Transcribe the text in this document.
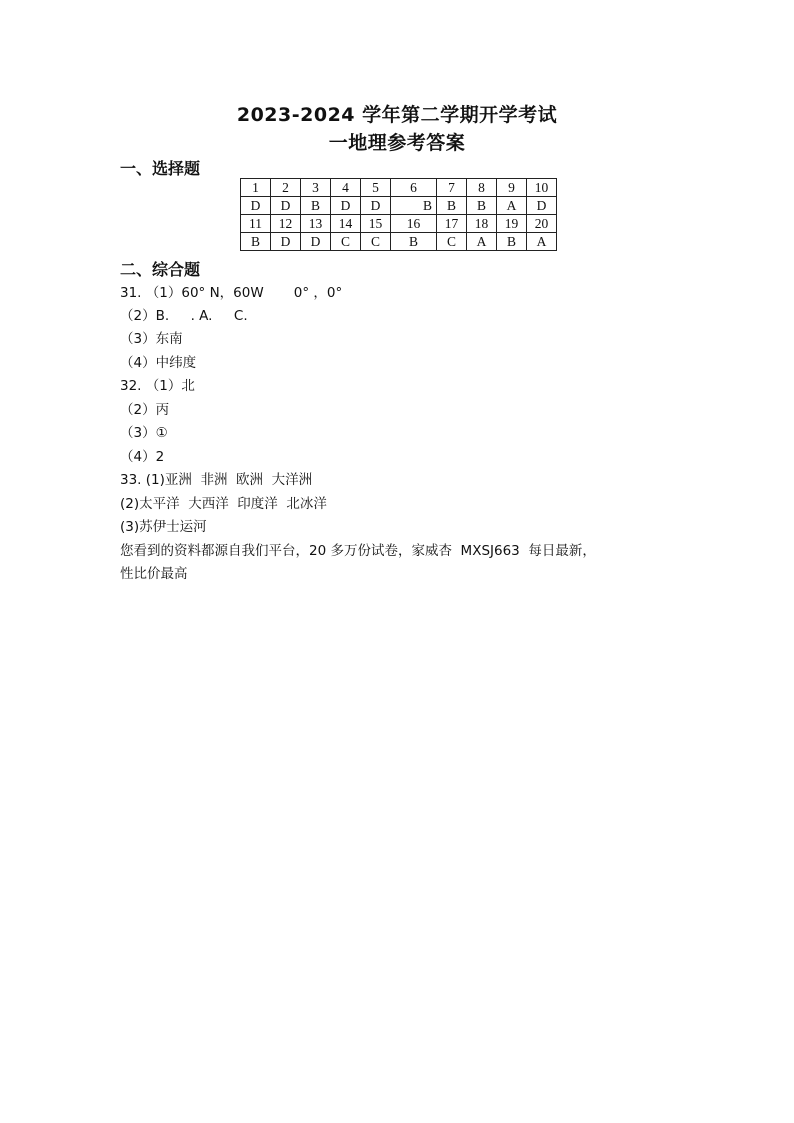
2023-2024 学年第二学期开学考试
一地理参考答案
一、选择题
1	2	3	4	5	6	7	8	9	10
D	D	B	D	D	B	B	B	A	D
11	12	13	14	15	16	17	18	19	20
B	D	D	C	C	B	C	A	B	A
二、综合题
31. （1）60° N，60W       0° ，0°
（2）B.     . A.     C.
（3）东南
（4）中纬度
32. （1）北
（2）丙
（3）①
（4）2
33. (1)亚洲  非洲  欧洲  大洋洲
(2)太平洋  大西洋  印度洋  北冰洋
(3)苏伊士运河
您看到的资料都源自我们平台，20 多万份试卷，家威杏  MXSJ663  每日最新，
性比价最高
